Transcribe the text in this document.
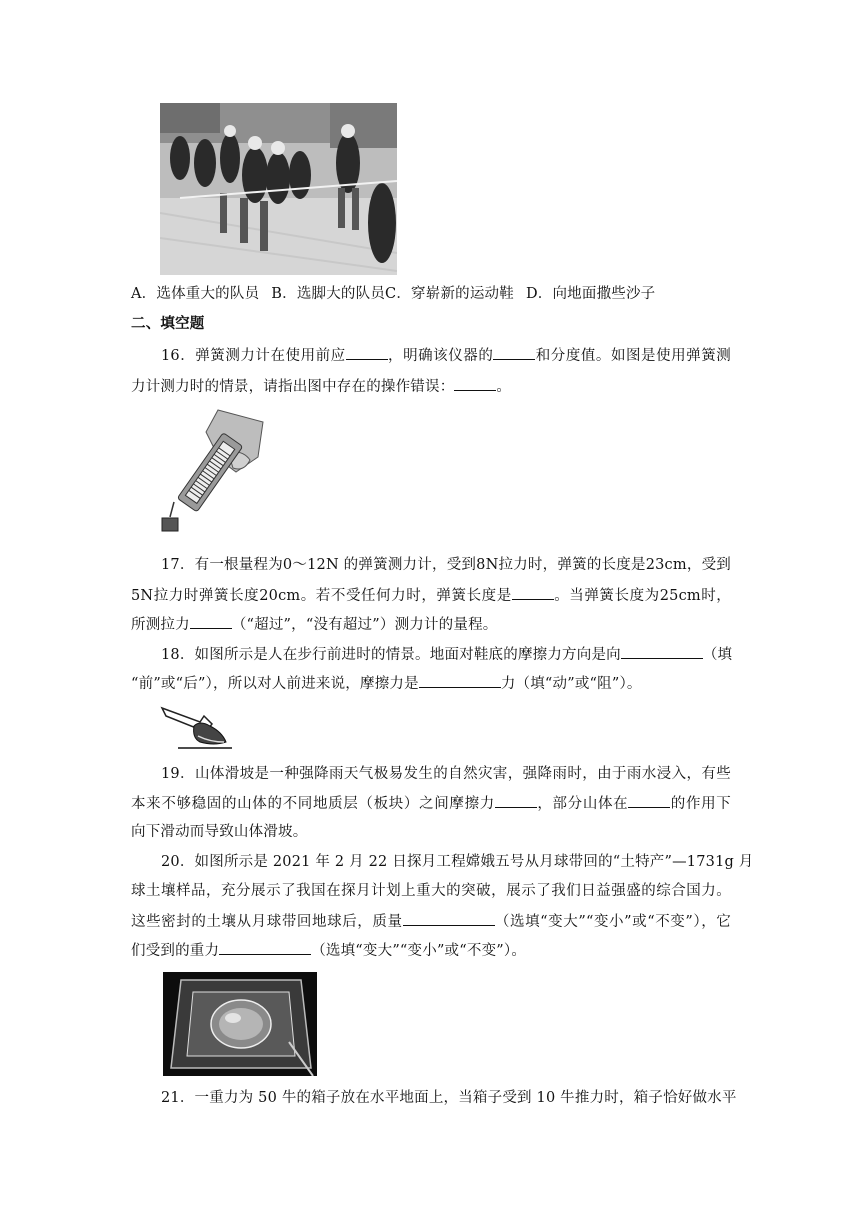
A．选体重大的队员 B．选脚大的队员C．穿崭新的运动鞋 D．向地面撒些沙子
二、填空题
16．弹簧测力计在使用前应	，明确该仪器的	和分度值。如图是使用弹簧测
力计测力时的情景，请指出图中存在的操作错误：	。
17．有一根量程为0～12N 的弹簧测力计，受到8N拉力时，弹簧的长度是23cm，受到
5N拉力时弹簧长度20cm。若不受任何力时，弹簧长度是	。当弹簧长度为25cm时，
所测拉力	（“超过”，“没有超过”）测力计的量程。
18．如图所示是人在步行前进时的情景。地面对鞋底的摩擦力方向是向	（填
“前”或“后”），所以对人前进来说，摩擦力是	力（填“动”或“阻”）。
19．山体滑坡是一种强降雨天气极易发生的自然灾害，强降雨时，由于雨水浸入，有些
本来不够稳固的山体的不同地质层（板块）之间摩擦力	，部分山体在	的作用下
向下滑动而导致山体滑坡。
20．如图所示是 2021 年 2 月 22 日探月工程嫦娥五号从月球带回的“土特产”—1731g 月
球土壤样品，充分展示了我国在探月计划上重大的突破，展示了我们日益强盛的综合国力。
这些密封的土壤从月球带回地球后，质量	（选填“变大”“变小”或“不变”），它
们受到的重力	（选填“变大”“变小”或“不变”）。
21．一重力为 50 牛的箱子放在水平地面上，当箱子受到 10 牛推力时，箱子恰好做水平
